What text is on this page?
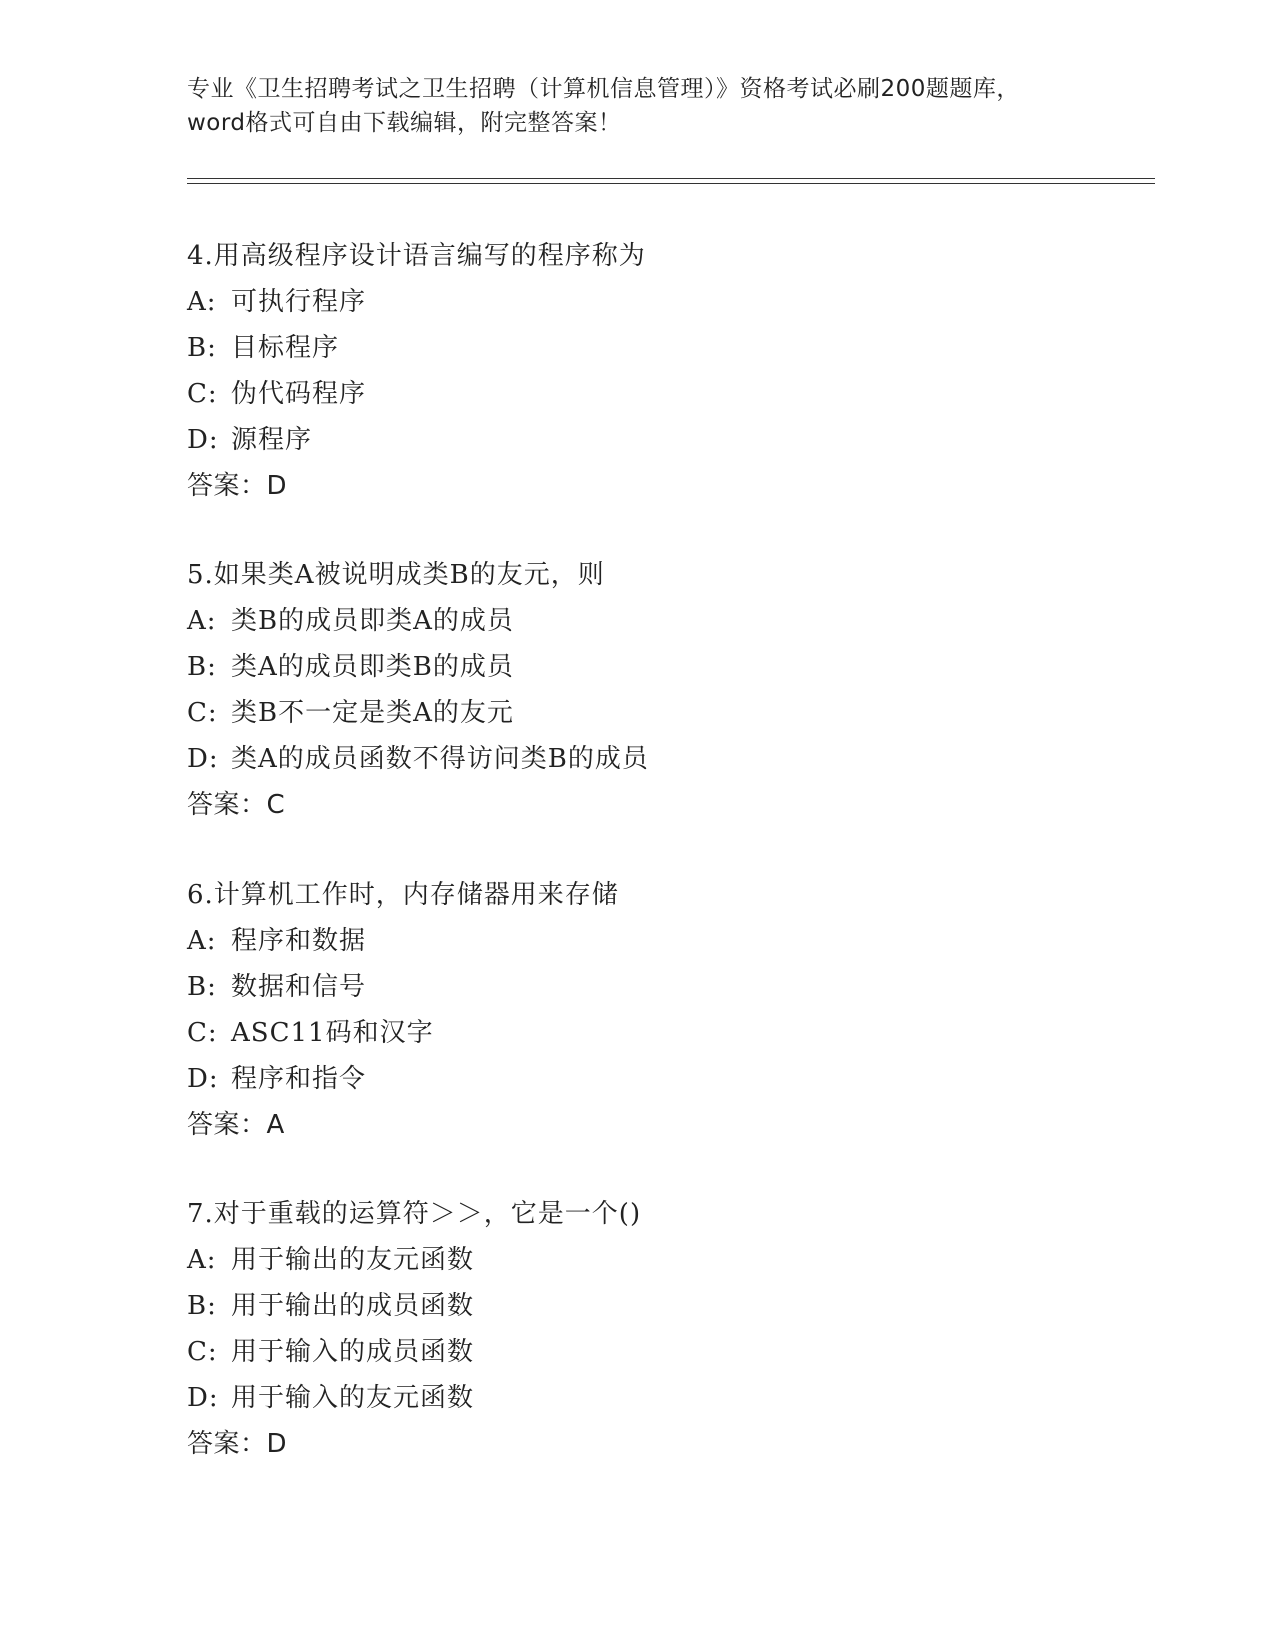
专业《卫生招聘考试之卫生招聘（计算机信息管理）》资格考试必刷200题题库，
word格式可自由下载编辑，附完整答案！
4.用高级程序设计语言编写的程序称为
A: 可执行程序
B: 目标程序
C: 伪代码程序
D: 源程序
答案：D
5.如果类A被说明成类B的友元，则
A: 类B的成员即类A的成员
B: 类A的成员即类B的成员
C: 类B不一定是类A的友元
D: 类A的成员函数不得访问类B的成员
答案：C
6.计算机工作时，内存储器用来存储
A: 程序和数据
B: 数据和信号
C: ASC11码和汉字
D: 程序和指令
答案：A
7.对于重载的运算符＞＞，它是一个()
A: 用于输出的友元函数
B: 用于输出的成员函数
C: 用于输入的成员函数
D: 用于输入的友元函数
答案：D
